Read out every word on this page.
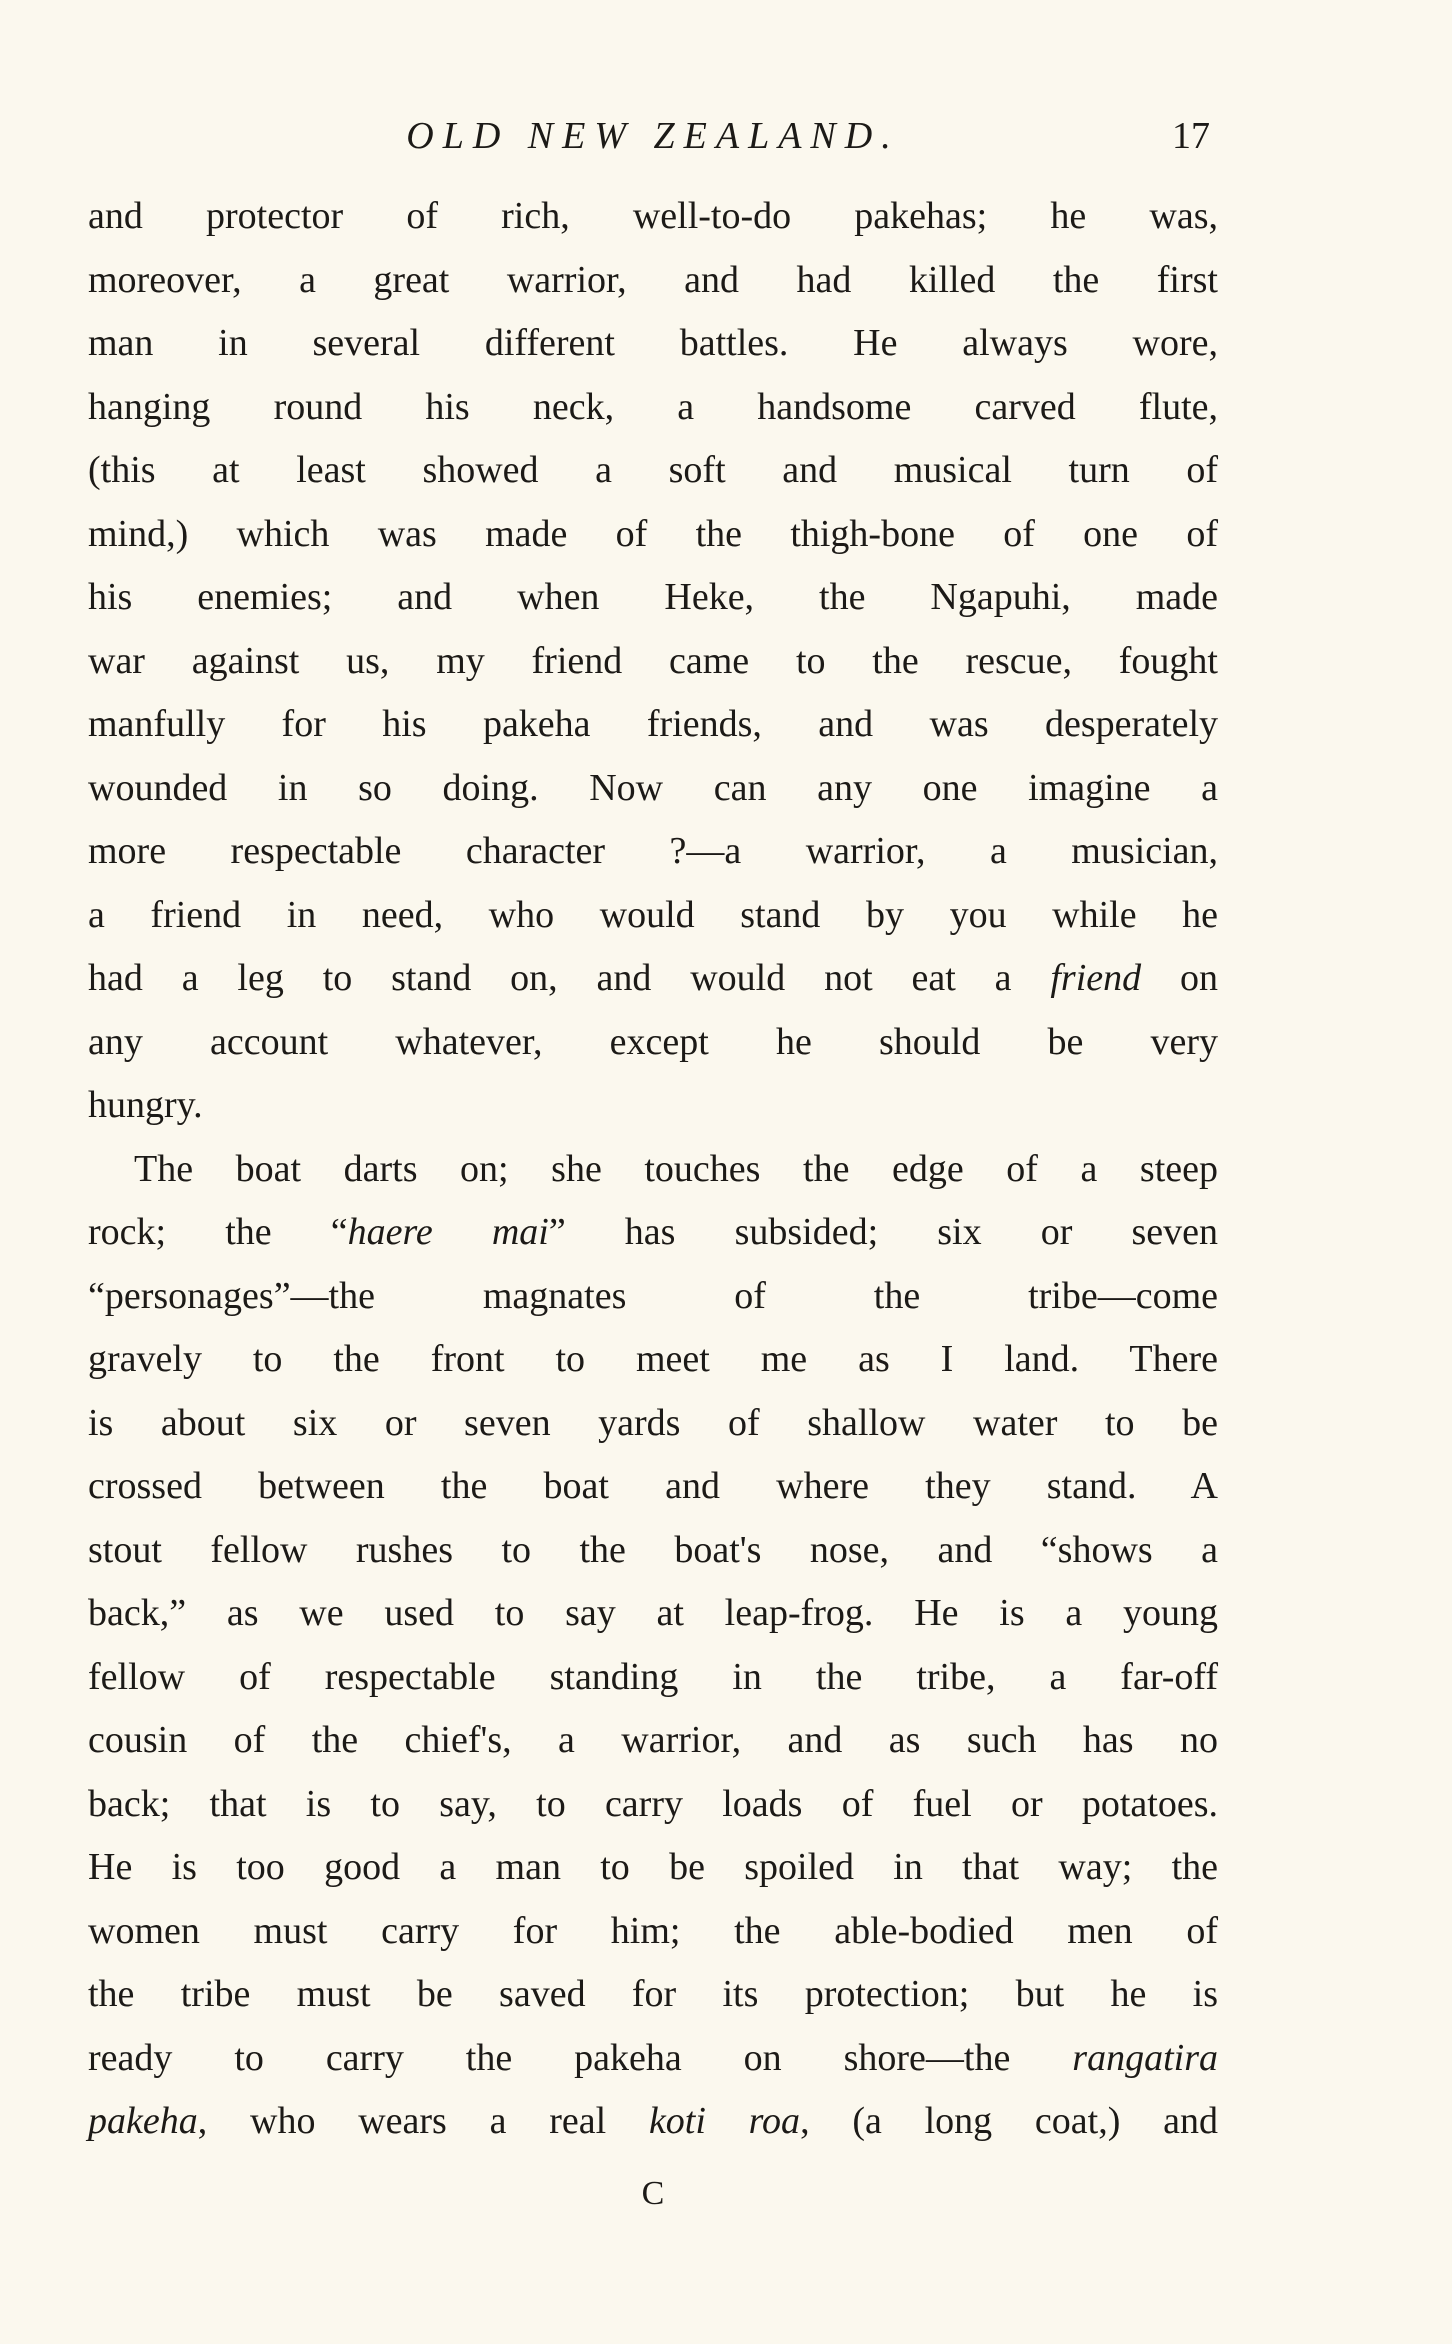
OLD NEW ZEALAND.	17
and protector of rich, well-to-do pakehas; he was,
moreover, a great warrior, and had killed the first
man in several different battles. He always wore,
hanging round his neck, a handsome carved flute,
(this at least showed a soft and musical turn of
mind,) which was made of the thigh-bone of one of
his enemies; and when Heke, the Ngapuhi, made
war against us, my friend came to the rescue, fought
manfully for his pakeha friends, and was desperately
wounded in so doing. Now can any one imagine a
more respectable character ?—a warrior, a musician,
a friend in need, who would stand by you while he
had a leg to stand on, and would not eat a friend on
any account whatever, except he should be very
hungry.
The boat darts on; she touches the edge of a steep
rock; the “haere mai” has subsided; six or seven
“personages”—the magnates of the tribe—come
gravely to the front to meet me as I land. There
is about six or seven yards of shallow water to be
crossed between the boat and where they stand. A
stout fellow rushes to the boat's nose, and “shows a
back,” as we used to say at leap-frog. He is a young
fellow of respectable standing in the tribe, a far-off
cousin of the chief's, a warrior, and as such has no
back; that is to say, to carry loads of fuel or potatoes.
He is too good a man to be spoiled in that way; the
women must carry for him; the able-bodied men of
the tribe must be saved for its protection; but he is
ready to carry the pakeha on shore—the rangatira
pakeha, who wears a real koti roa, (a long coat,) and
C
